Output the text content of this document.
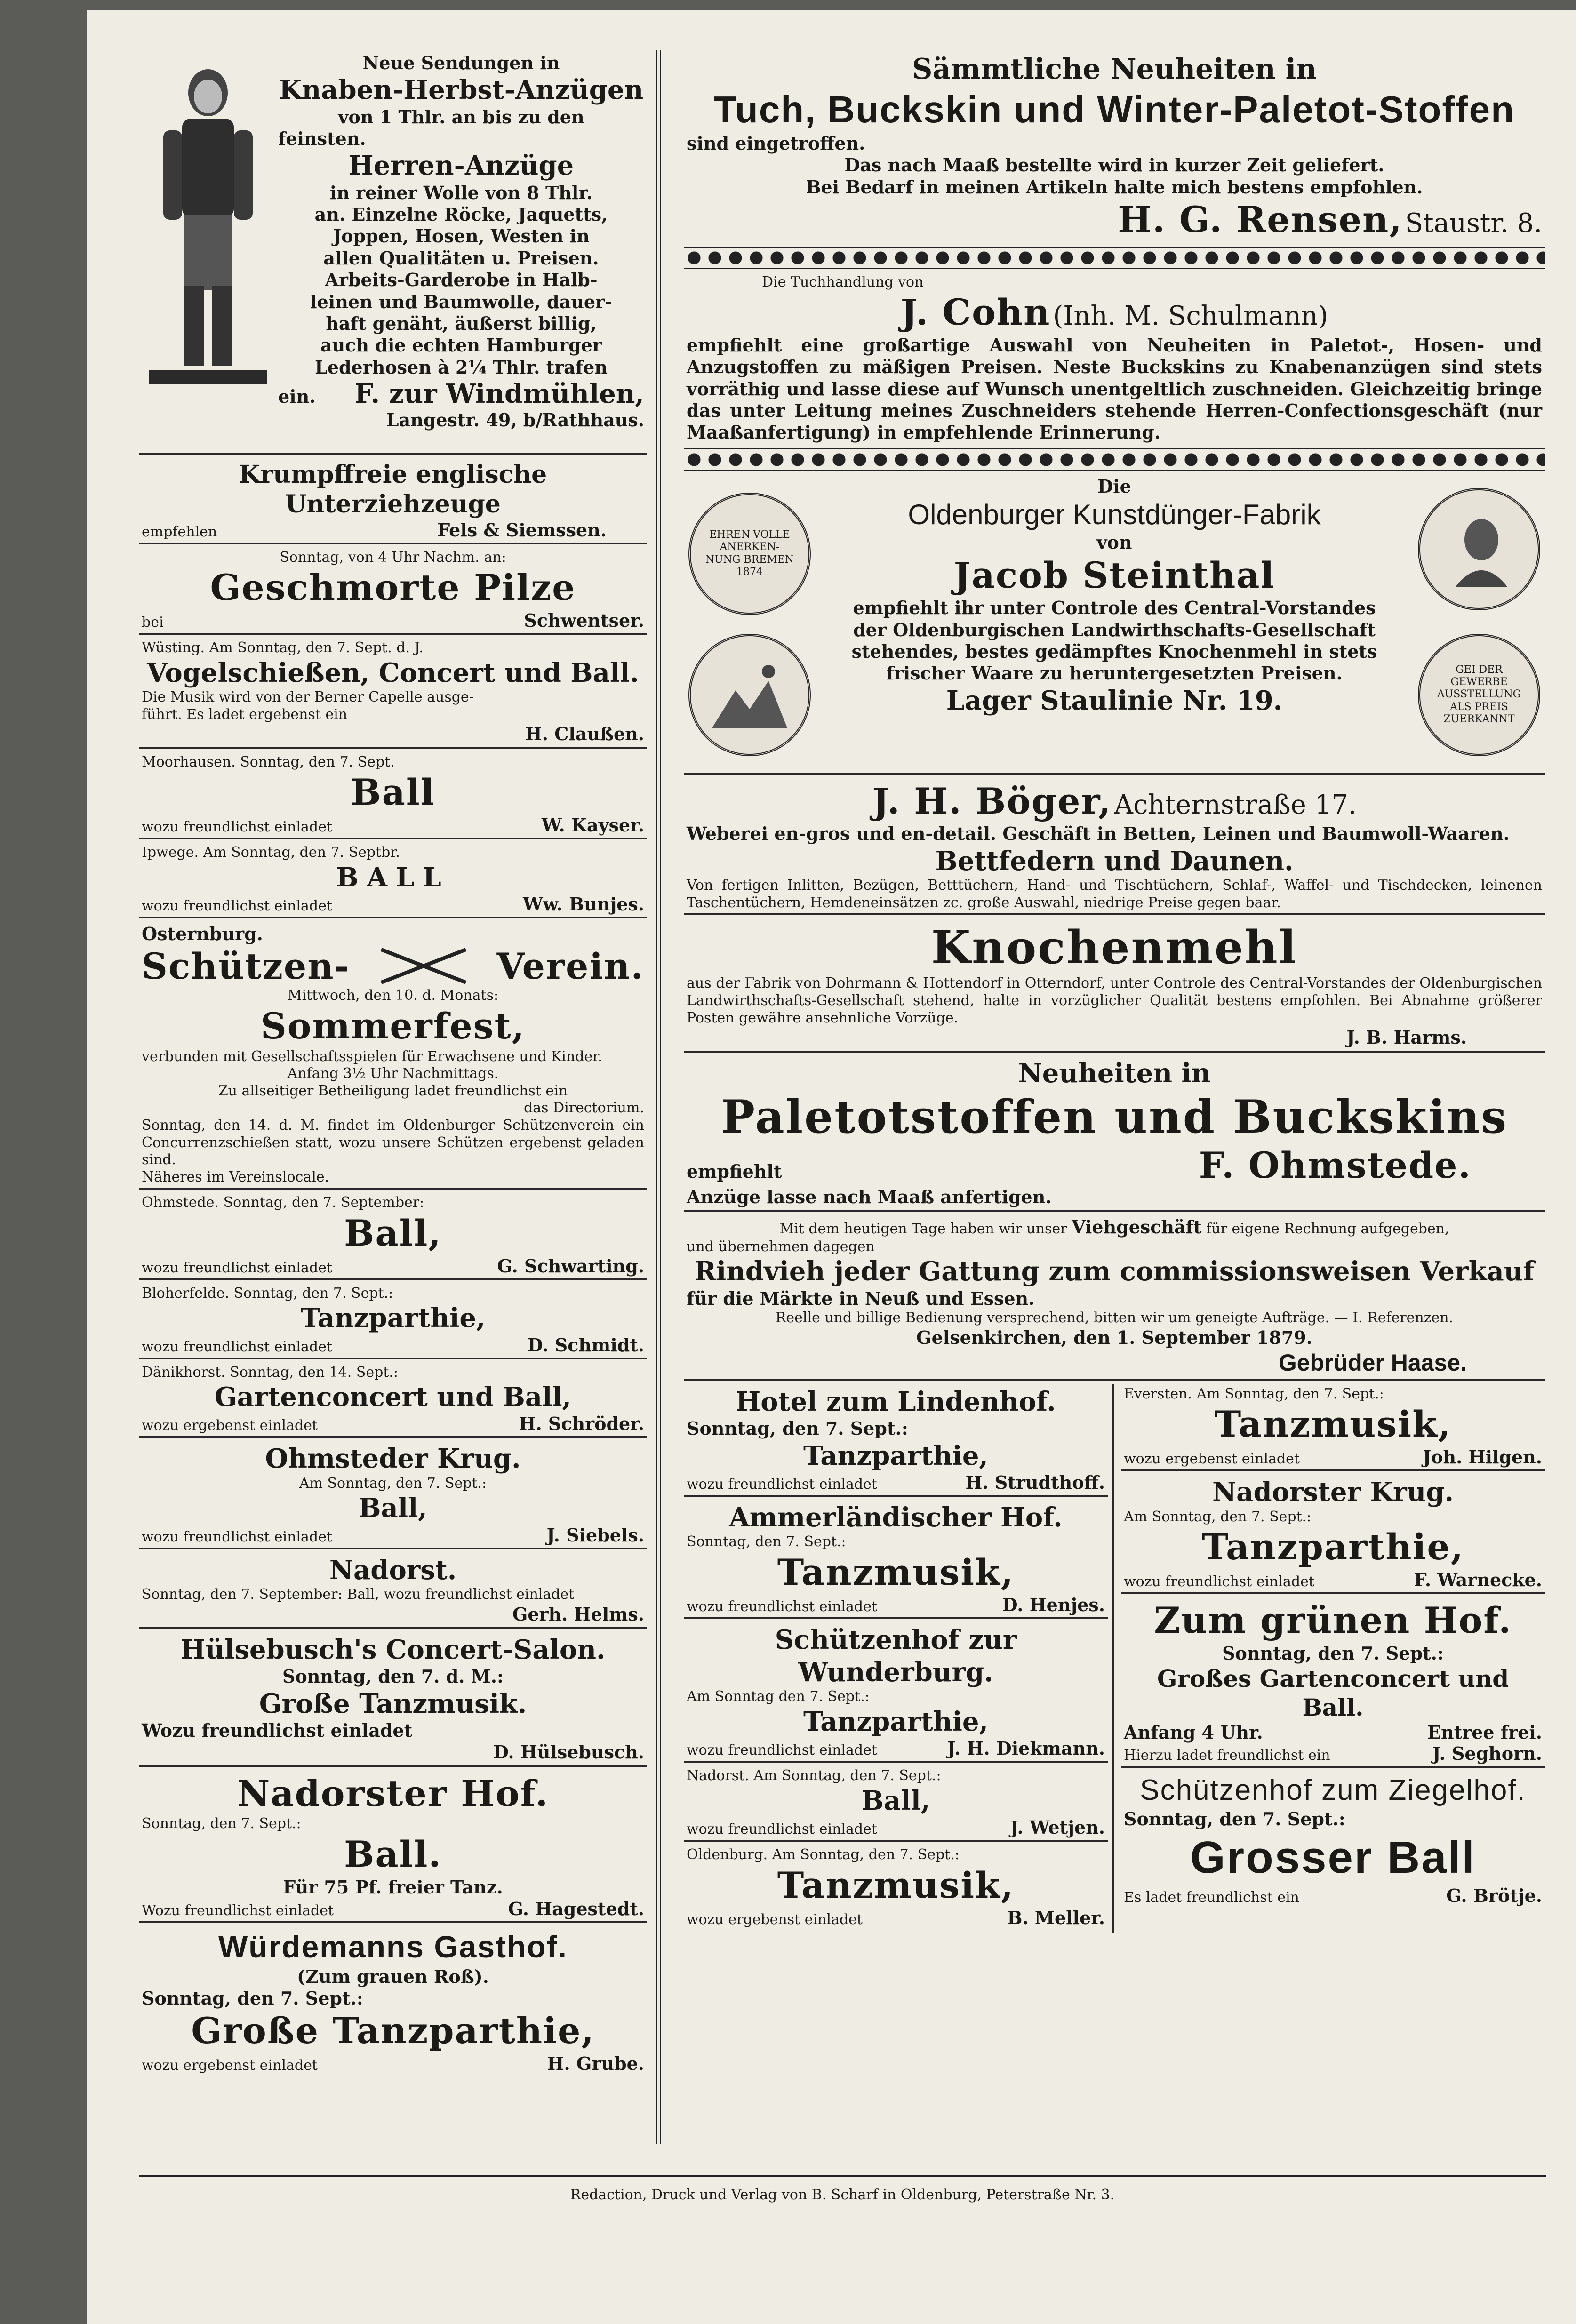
Neue Sendungen in

Knaben-Herbst-Anzügen

von 1 Thlr. an bis zu den

feinsten.

Herren-Anzüge

in reiner Wolle von 8 Thlr.

an. Einzelne Röcke, Jaquetts,

Joppen, Hosen, Westen in

allen Qualitäten u. Preisen.

Arbeits-Garderobe in Halb-

leinen und Baumwolle, dauer-

haft genäht, äußerst billig,

auch die echten Hamburger

Lederhosen à 2¼ Thlr. trafen

ein. F. zur Windmühlen,

Langestr. 49, b/Rathhaus.

Krumpffreie englische Unterziehzeuge

empfehlen	Fels & Siemssen.

Sonntag, von 4 Uhr Nachm. an:

Geschmorte Pilze

bei	Schwentser.

Wüsting. Am Sonntag, den 7. Sept. d. J.

Vogelschießen, Concert und Ball.

Die Musik wird von der Berner Capelle ausge-

führt. Es ladet ergebenst ein

H. Claußen.

Moorhausen. Sonntag, den 7. Sept.

Ball

wozu freundlichst einladet	W. Kayser.

Ipwege. Am Sonntag, den 7. Septbr.

BALL

wozu freundlichst einladet	Ww. Bunjes.

Osternburg.

Schützen-	Verein.

Mittwoch, den 10. d. Monats:

Sommerfest,

verbunden mit Gesellschaftsspielen für Erwachsene und Kinder.

Anfang 3½ Uhr Nachmittags.

Zu allseitiger Betheiligung ladet freundlichst ein

das Directorium.

Sonntag, den 14. d. M. findet im Oldenburger Schützenverein ein Concurrenzschießen statt, wozu unsere Schützen ergebenst geladen sind.

Näheres im Vereinslocale.

Ohmstede. Sonntag, den 7. September:

Ball,

wozu freundlichst einladet	G. Schwarting.

Bloherfelde. Sonntag, den 7. Sept.:

Tanzparthie,

wozu freundlichst einladet	D. Schmidt.

Dänikhorst. Sonntag, den 14. Sept.:

Gartenconcert und Ball,

wozu ergebenst einladet	H. Schröder.

Ohmsteder Krug.

Am Sonntag, den 7. Sept.:

Ball,

wozu freundlichst einladet	J. Siebels.

Nadorst.

Sonntag, den 7. September: Ball, wozu freundlichst einladet

Gerh. Helms.

Hülsebusch's Concert-Salon.

Sonntag, den 7. d. M.:

Große Tanzmusik.

Wozu freundlichst einladet

D. Hülsebusch.

Nadorster Hof.

Sonntag, den 7. Sept.:

Ball.

Für 75 Pf. freier Tanz.

Wozu freundlichst einladet	G. Hagestedt.

Würdemanns Gasthof.

(Zum grauen Roß).

Sonntag, den 7. Sept.:

Große Tanzparthie,

wozu ergebenst einladet	H. Grube.

Sämmtliche Neuheiten in

Tuch, Buckskin und Winter-Paletot-Stoffen

sind eingetroffen.

Das nach Maaß bestellte wird in kurzer Zeit geliefert.

Bei Bedarf in meinen Artikeln halte mich bestens empfohlen.

H. G. Rensen, Staustr. 8.

Die Tuchhandlung von

J. Cohn (Inh. M. Schulmann)

empfiehlt eine großartige Auswahl von Neuheiten in Paletot-, Hosen- und Anzugstoffen zu mäßigen Preisen. Neste Buckskins zu Knabenanzügen sind stets vorräthig und lasse diese auf Wunsch unentgeltlich zuschneiden. Gleichzeitig bringe das unter Leitung meines Zuschneiders stehende Herren-Confectionsgeschäft (nur Maaßanfertigung) in empfehlende Erinnerung.

EHREN-VOLLE ANERKEN-NUNG BREMEN 1874
GEI DER GEWERBE AUSSTELLUNG ALS PREIS ZUERKANNT

Die

Oldenburger Kunstdünger-Fabrik

von

Jacob Steinthal

empfiehlt ihr unter Controle des Central-Vorstandes

der Oldenburgischen Landwirthschafts-Gesellschaft

stehendes, bestes gedämpftes Knochenmehl in stets

frischer Waare zu heruntergesetzten Preisen.

Lager Staulinie Nr. 19.

J. H. Böger, Achternstraße 17.

Weberei en-gros und en-detail. Geschäft in Betten, Leinen und Baumwoll-Waaren.

Bettfedern und Daunen.

Von fertigen Inlitten, Bezügen, Betttüchern, Hand- und Tischtüchern, Schlaf-, Waffel- und Tischdecken, leinenen Taschentüchern, Hemdeneinsätzen zc. große Auswahl, niedrige Preise gegen baar.

Knochenmehl

aus der Fabrik von Dohrmann & Hottendorf in Otterndorf, unter Controle des Central-Vorstandes der Oldenburgischen Landwirthschafts-Gesellschaft stehend, halte in vorzüglicher Qualität bestens empfohlen. Bei Abnahme größerer Posten gewähre ansehnliche Vorzüge.

J. B. Harms.

Neuheiten in

Paletotstoffen und Buckskins

empfiehlt	F. Ohmstede.

Anzüge lasse nach Maaß anfertigen.

Mit dem heutigen Tage haben wir unser Viehgeschäft für eigene Rechnung aufgegeben,

und übernehmen dagegen

Rindvieh jeder Gattung zum commissionsweisen Verkauf

für die Märkte in Neuß und Essen.

Reelle und billige Bedienung versprechend, bitten wir um geneigte Aufträge. — I. Referenzen.

Gelsenkirchen, den 1. September 1879.

Gebrüder Haase.

Hotel zum Lindenhof.

Sonntag, den 7. Sept.:

Tanzparthie,

wozu freundlichst einladet	H. Strudthoff.

Ammerländischer Hof.

Sonntag, den 7. Sept.:

Tanzmusik,

wozu freundlichst einladet	D. Henjes.

Schützenhof zur Wunderburg.

Am Sonntag den 7. Sept.:

Tanzparthie,

wozu freundlichst einladet	J. H. Diekmann.

Nadorst. Am Sonntag, den 7. Sept.:

Ball,

wozu freundlichst einladet	J. Wetjen.

Oldenburg. Am Sonntag, den 7. Sept.:

Tanzmusik,

wozu ergebenst einladet	B. Meller.

Eversten. Am Sonntag, den 7. Sept.:

Tanzmusik,

wozu ergebenst einladet	Joh. Hilgen.

Nadorster Krug.

Am Sonntag, den 7. Sept.:

Tanzparthie,

wozu freundlichst einladet	F. Warnecke.

Zum grünen Hof.

Sonntag, den 7. Sept.:

Großes Gartenconcert und Ball.

Anfang 4 Uhr.	Entree frei.
Hierzu ladet freundlichst ein	J. Seghorn.

Schützenhof zum Ziegelhof.

Sonntag, den 7. Sept.:

Grosser Ball

Es ladet freundlichst ein	G. Brötje.
Redaction, Druck und Verlag von B. Scharf in Oldenburg, Peterstraße Nr. 3.
